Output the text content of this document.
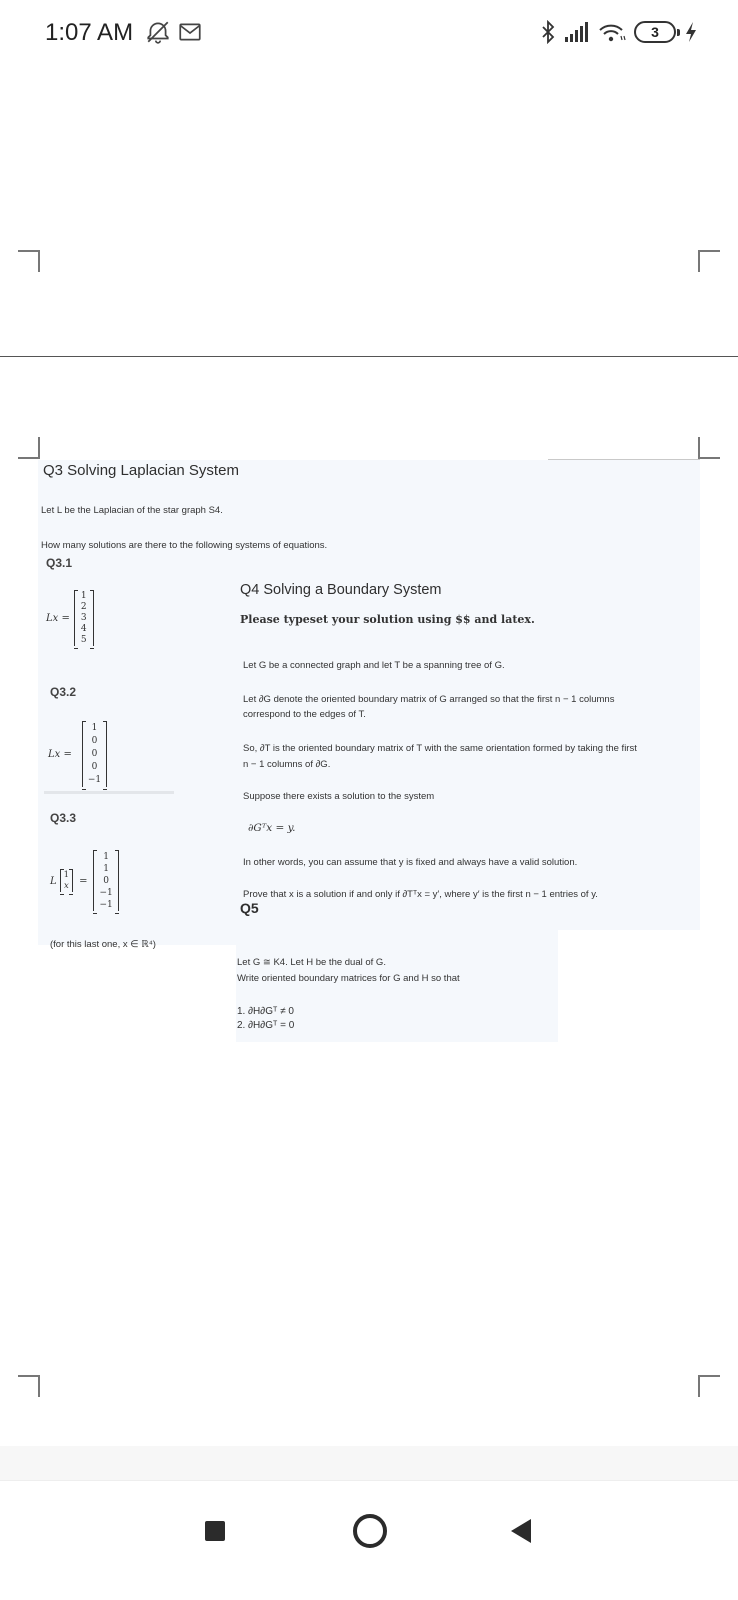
1:07 AM	3
Q3 Solving Laplacian System
Let L be the Laplacian of the star graph S4.
How many solutions are there to the following systems of equations.
Q3.1
Lx =
1
2
3
4
5
Q3.2
Lx =
1
0
0
0
−1
Q3.3
L
1
x =
1
1
0
−1
−1
(for this last one, x ∈ ℝ⁴)
Q4 Solving a Boundary System
Please typeset your solution using $$ and latex.
Let G be a connected graph and let T be a spanning tree of G.
Let ∂G denote the oriented boundary matrix of G arranged so that the first n − 1 columns
correspond to the edges of T.
So, ∂T is the oriented boundary matrix of T with the same orientation formed by taking the first
n − 1 columns of ∂G.
Suppose there exists a solution to the system
∂Gᵀx = y.
In other words, you can assume that y is fixed and always have a valid solution.
Prove that x is a solution if and only if ∂Tᵀx = y′, where y′ is the first n − 1 entries of y.
Q5
Let G ≅ K4. Let H be the dual of G.
Write oriented boundary matrices for G and H so that
1. ∂H∂Gᵀ ≠ 0
2. ∂H∂Gᵀ = 0
